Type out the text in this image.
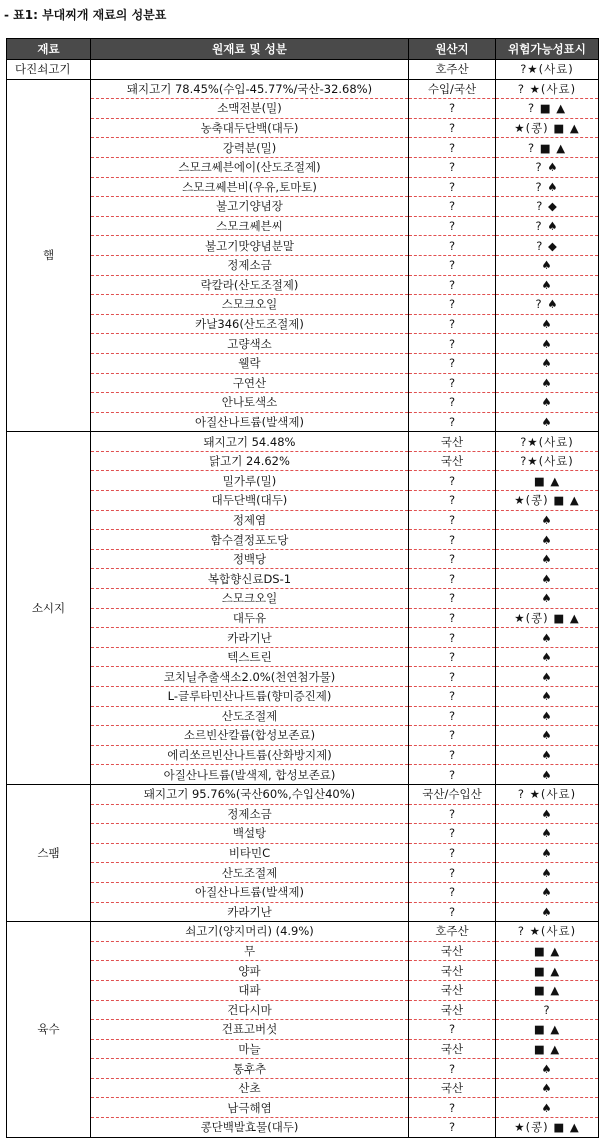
- 표1: 부대찌개 재료의 성분표
재료	원재료 및 성분	원산지	위험가능성표시
다진쇠고기		호주산	?★(사료)
햄	돼지고기 78.45%(수입-45.77%/국산-32.68%)	수입/국산	? ★(사료)
	소맥전분(밀)	?	? ■ ▲
	농축대두단백(대두)	?	★(콩) ■ ▲
	강력분(밀)	?	? ■ ▲
	스모크쎄븐에이(산도조절제)	?	? ♠
	스모크쎄븐비(우유,토마토)	?	? ♠
	불고기양념장	?	? ◆
	스모크쎄븐씨	?	? ♠
	불고기맛양념분말	?	? ◆
	정제소금	?	♠
	락칼라(산도조절제)	?	♠
	스모크오일	?	? ♠
	카날346(산도조절제)	?	♠
	고량색소	?	♠
	웰락	?	♠
	구연산	?	♠
	안나토색소	?	♠
	아질산나트륨(발색제)	?	♠
소시지	돼지고기 54.48%	국산	?★(사료)
	닭고기 24.62%	국산	?★(사료)
	밀가루(밀)	?	■ ▲
	대두단백(대두)	?	★(콩) ■ ▲
	정제염	?	♠
	함수결정포도당	?	♠
	정백당	?	♠
	복합향신료DS-1	?	♠
	스모크오일	?	♠
	대두유	?	★(콩) ■ ▲
	카라기난	?	♠
	텍스트린	?	♠
	코치닐추출색소2.0%(천연첨가물)	?	♠
	L-글루타민산나트륨(향미증진제)	?	♠
	산도조절제	?	♠
	소르빈산칼륨(합성보존료)	?	♠
	에리쏘르빈산나트륨(산화방지제)	?	♠
	아질산나트륨(발색제, 합성보존료)	?	♠
스팸	돼지고기 95.76%(국산60%,수입산40%)	국산/수입산	? ★(사료)
	정제소금	?	♠
	백설탕	?	♠
	비타민C	?	♠
	산도조절제	?	♠
	아질산나트륨(발색제)	?	♠
	카라기난	?	♠
육수	쇠고기(양지머리) (4.9%)	호주산	? ★(사료)
	무	국산	■ ▲
	양파	국산	■ ▲
	대파	국산	■ ▲
	건다시마	국산	?
	건표고버섯	?	■ ▲
	마늘	국산	■ ▲
	통후추	?	♠
	산초	국산	♠
	남극해염	?	♠
	콩단백발효물(대두)	?	★(콩) ■ ▲
